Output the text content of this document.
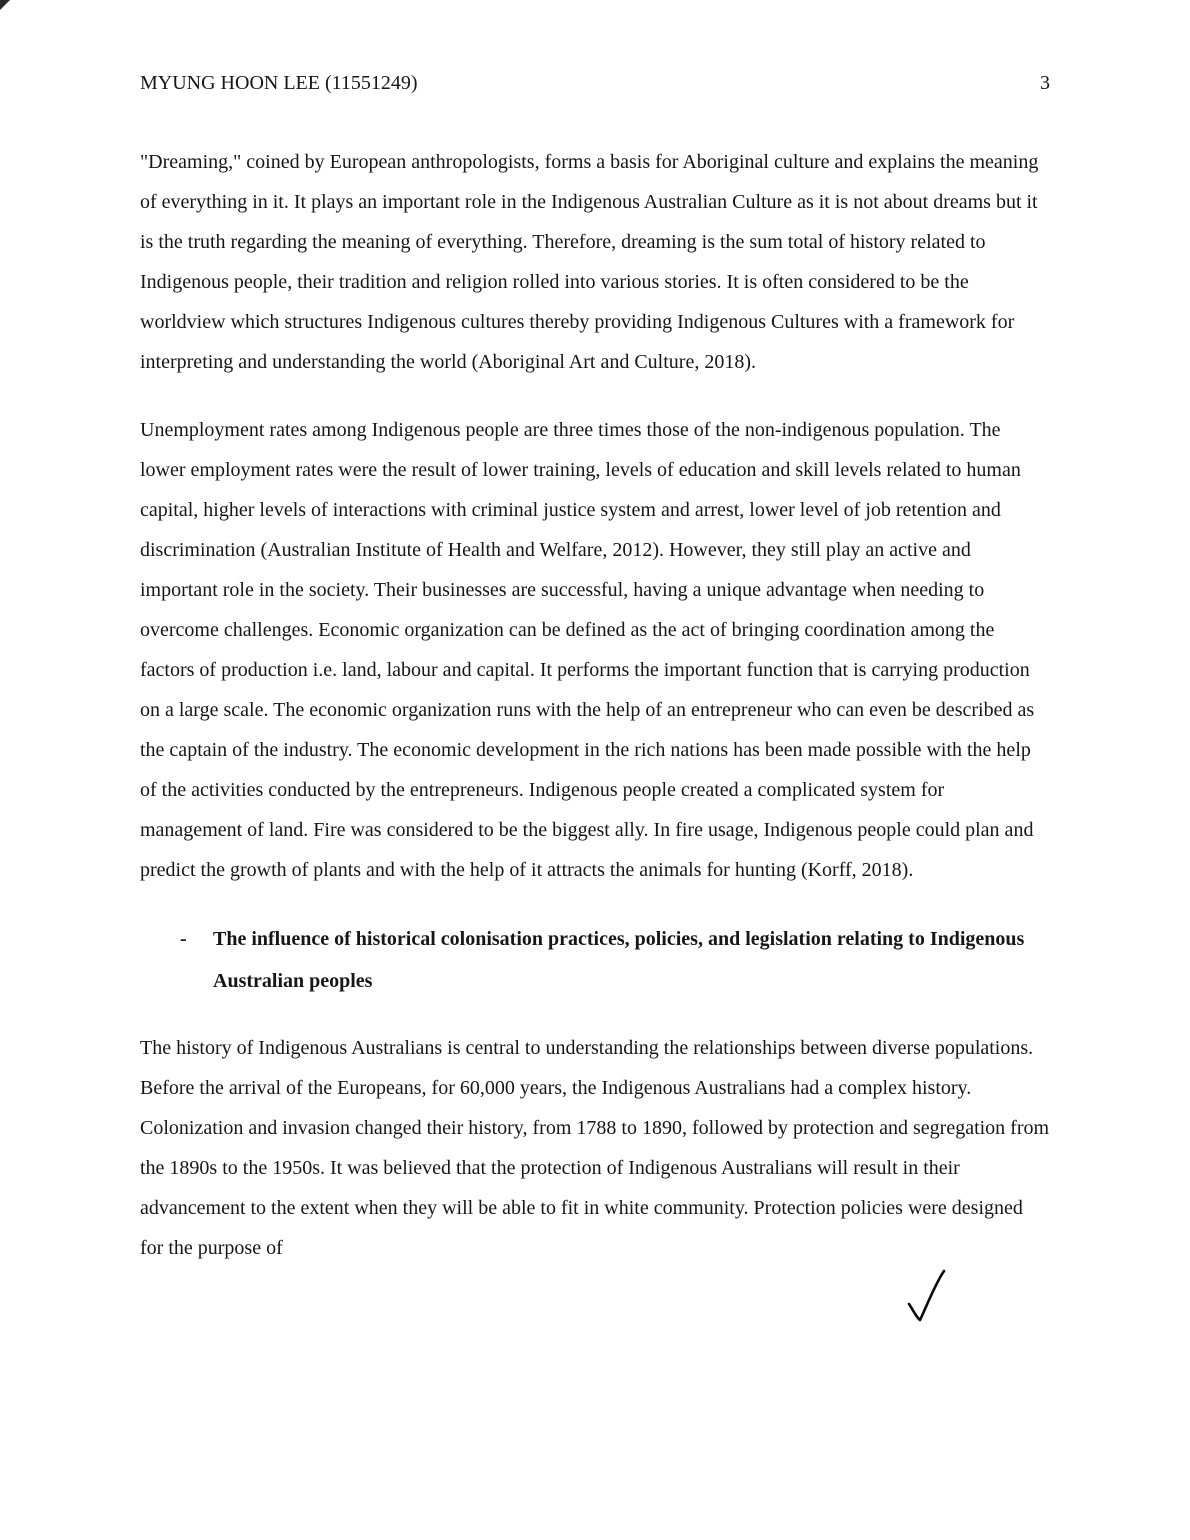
MYUNG HOON LEE (11551249)	3

"Dreaming," coined by European anthropologists, forms a basis for Aboriginal culture and explains the meaning of everything in it. It plays an important role in the Indigenous Australian Culture as it is not about dreams but it is the truth regarding the meaning of everything. Therefore, dreaming is the sum total of history related to Indigenous people, their tradition and religion rolled into various stories. It is often considered to be the worldview which structures Indigenous cultures thereby providing Indigenous Cultures with a framework for interpreting and understanding the world (Aboriginal Art and Culture, 2018).

Unemployment rates among Indigenous people are three times those of the non-indigenous population. The lower employment rates were the result of lower training, levels of education and skill levels related to human capital, higher levels of interactions with criminal justice system and arrest, lower level of job retention and discrimination (Australian Institute of Health and Welfare, 2012). However, they still play an active and important role in the society. Their businesses are successful, having a unique advantage when needing to overcome challenges. Economic organization can be defined as the act of bringing coordination among the factors of production i.e. land, labour and capital. It performs the important function that is carrying production on a large scale. The economic organization runs with the help of an entrepreneur who can even be described as the captain of the industry. The economic development in the rich nations has been made possible with the help of the activities conducted by the entrepreneurs. Indigenous people created a complicated system for management of land. Fire was considered to be the biggest ally. In fire usage, Indigenous people could plan and predict the growth of plants and with the help of it attracts the animals for hunting (Korff, 2018).

-	The influence of historical colonisation practices, policies, and legislation relating to Indigenous Australian peoples

The history of Indigenous Australians is central to understanding the relationships between diverse populations. Before the arrival of the Europeans, for 60,000 years, the Indigenous Australians had a complex history. Colonization and invasion changed their history, from 1788 to 1890, followed by protection and segregation from the 1890s to the 1950s. It was believed that the protection of Indigenous Australians will result in their advancement to the extent when they will be able to fit in white community. Protection policies were designed for the purpose of
